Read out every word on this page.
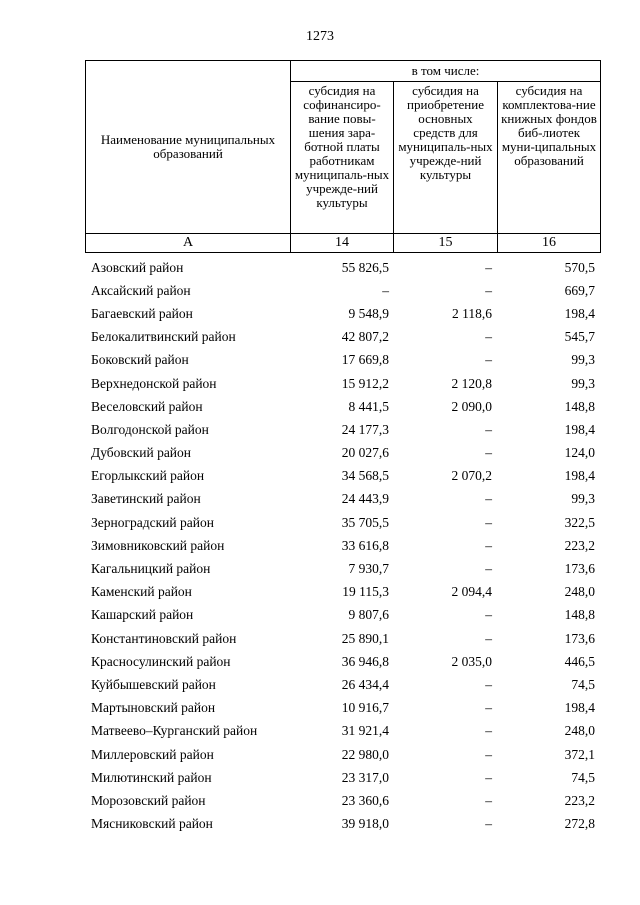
1273
Наименование муниципальных образований	в том числе:		
	субсидия на софинансиро-вание повы-шения зара-ботной платы работникам муниципаль-ных учрежде-ний культуры	субсидия на приобретение основных средств для муниципаль-ных учрежде-ний культуры	субсидия на комплектова-ние книжных фондов биб-лиотек муни-ципальных образований
А	14	15	16
Азовский район	55 826,5	–	570,5
Аксайский район	–	–	669,7
Багаевский район	9 548,9	2 118,6	198,4
Белокалитвинский район	42 807,2	–	545,7
Боковский район	17 669,8	–	99,3
Верхнедонской район	15 912,2	2 120,8	99,3
Веселовский район	8 441,5	2 090,0	148,8
Волгодонской район	24 177,3	–	198,4
Дубовский район	20 027,6	–	124,0
Егорлыкский район	34 568,5	2 070,2	198,4
Заветинский район	24 443,9	–	99,3
Зерноградский район	35 705,5	–	322,5
Зимовниковский район	33 616,8	–	223,2
Кагальницкий район	7 930,7	–	173,6
Каменский район	19 115,3	2 094,4	248,0
Кашарский район	9 807,6	–	148,8
Константиновский район	25 890,1	–	173,6
Красносулинский район	36 946,8	2 035,0	446,5
Куйбышевский район	26 434,4	–	74,5
Мартыновский район	10 916,7	–	198,4
Матвеево–Курганский район	31 921,4	–	248,0
Миллеровский район	22 980,0	–	372,1
Милютинский район	23 317,0	–	74,5
Морозовский район	23 360,6	–	223,2
Мясниковский район	39 918,0	–	272,8
